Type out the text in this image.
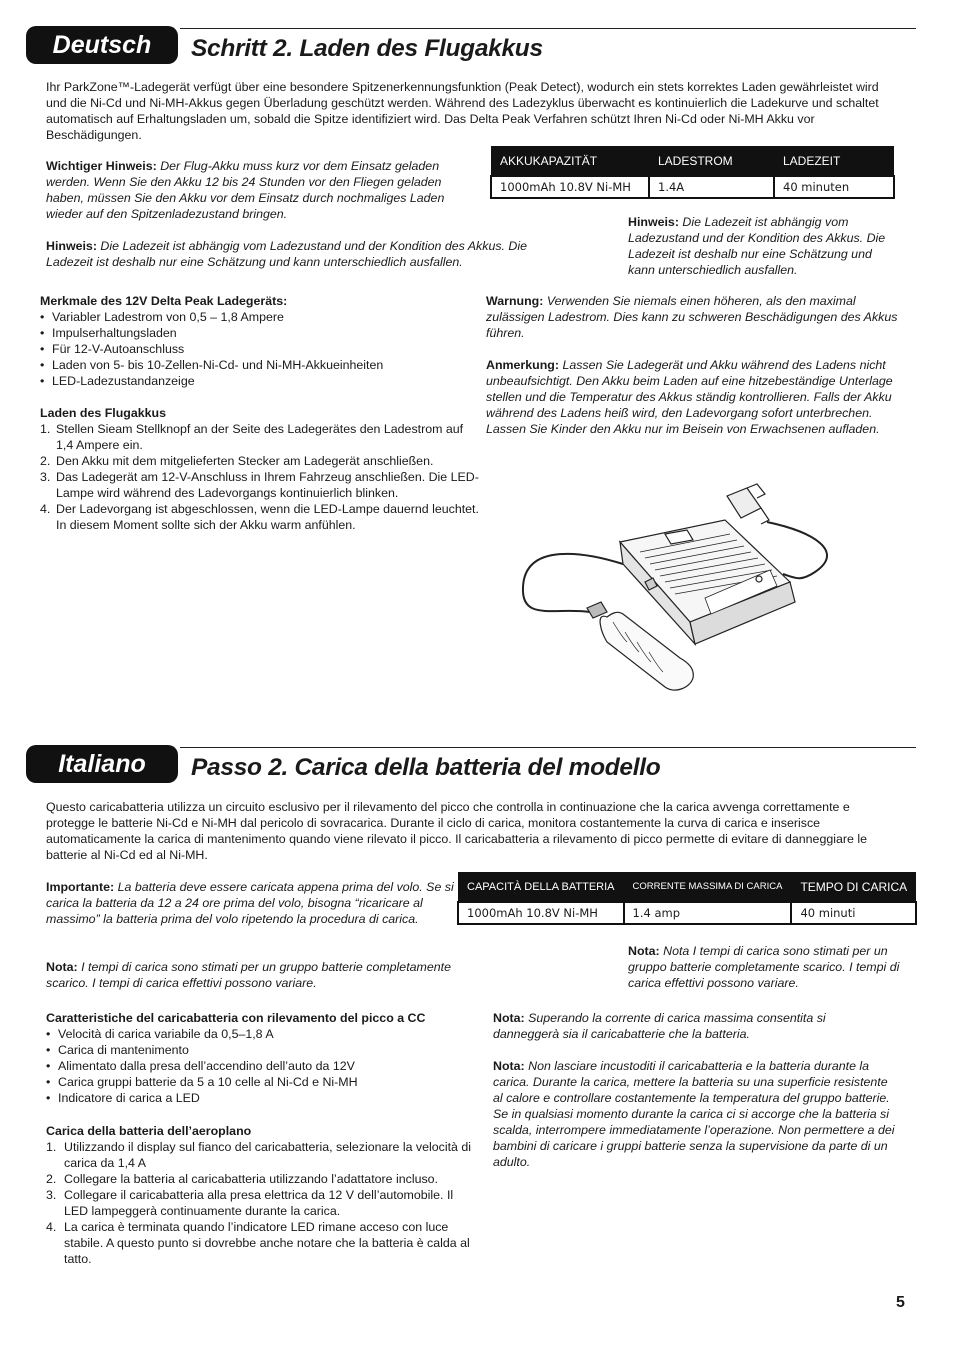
Deutsch	Schritt 2. Laden des Flugakkus

Ihr ParkZone™-Ladegerät verfügt über eine besondere Spitzenerkennungsfunktion (Peak Detect), wodurch ein stets korrektes Laden gewährleistet wird und die Ni-Cd und Ni-MH-Akkus gegen Überladung geschützt werden. Während des Ladezyklus überwacht es kontinuierlich die Ladekurve und schaltet automatisch auf Erhaltungsladen um, sobald die Spitze identifiziert wird. Das Delta Peak Verfahren schützt Ihren Ni-Cd oder Ni-MH Akku vor Beschädigungen.

Wichtiger Hinweis: Der Flug-Akku muss kurz vor dem Einsatz geladen werden. Wenn Sie den Akku 12 bis 24 Stunden vor den Fliegen geladen haben, müssen Sie den Akku vor dem Einsatz durch nochmaliges Laden wieder auf den Spitzenladezustand bringen.

Hinweis: Die Ladezeit ist abhängig vom Ladezustand und der Kondition des Akkus. Die Ladezeit ist deshalb nur eine Schätzung und kann unterschiedlich ausfallen.

AKKUKAPAZITÄT	LADESTROM	LADEZEIT
1000mAh 10.8V Ni-MH	1.4A	40 minuten

Hinweis: Die Ladezeit ist abhängig vom Ladezustand und der Kondition des Akkus. Die Ladezeit ist deshalb nur eine Schätzung und kann unterschiedlich ausfallen.

Merkmale des 12V Delta Peak Ladegeräts:

• Variabler Ladestrom von 0,5 – 1,8 Ampere
• Impulserhaltungsladen
• Für 12-V-Autoanschluss
• Laden von 5- bis 10-Zellen-Ni-Cd- und Ni-MH-Akkueinheiten
• LED-Ladezustandanzeige

Laden des Flugakkus

1. Stellen Sieam Stellknopf an der Seite des Ladegerätes den Ladestrom auf 1,4 Ampere ein.
2. Den Akku mit dem mitgelieferten Stecker am Ladegerät anschließen.
3. Das Ladegerät am 12-V-Anschluss in Ihrem Fahrzeug anschließen. Die LED-Lampe wird während des Ladevorgangs kontinuierlich blinken.
4. Der Ladevorgang ist abgeschlossen, wenn die LED-Lampe dauernd leuchtet. In diesem Moment sollte sich der Akku warm anfühlen.

Warnung: Verwenden Sie niemals einen höheren, als den maximal zulässigen Ladestrom. Dies kann zu schweren Beschädigungen des Akkus führen.

Anmerkung: Lassen Sie Ladegerät und Akku während des Ladens nicht unbeaufsichtigt. Den Akku beim Laden auf eine hitzebeständige Unterlage stellen und die Temperatur des Akkus ständig kontrollieren. Falls der Akku während des Ladens heiß wird, den Ladevorgang sofort unterbrechen. Lassen Sie Kinder den Akku nur im Beisein von Erwachsenen aufladen.

Italiano	Passo 2. Carica della batteria del modello

Questo caricabatteria utilizza un circuito esclusivo per il rilevamento del picco che controlla in continuazione che la carica avvenga correttamente e protegge le batterie Ni-Cd e Ni-MH dal pericolo di sovracarica. Durante il ciclo di carica, monitora costantemente la curva di carica e inserisce automaticamente la carica di mantenimento quando viene rilevato il picco. Il caricabatteria a rilevamento di picco permette di evitare di danneggiare le batterie al Ni-Cd ed al Ni-MH.

Importante: La batteria deve essere caricata appena prima del volo. Se si carica la batteria da 12 a 24 ore prima del volo, bisogna “ricaricare al massimo” la batteria prima del volo ripetendo la procedura di carica.

Nota: I tempi di carica sono stimati per un gruppo batterie completamente scarico. I tempi di carica effettivi possono variare.

CAPACITÀ DELLA BATTERIA	CORRENTE MASSIMA DI CARICA	TEMPO DI CARICA
1000mAh 10.8V Ni-MH	1.4 amp	40 minuti

Nota: Nota I tempi di carica sono stimati per un gruppo batterie completamente scarico. I tempi di carica effettivi possono variare.

Caratteristiche del caricabatteria con rilevamento del picco a CC

• Velocità di carica variabile da 0,5–1,8 A
• Carica di mantenimento
• Alimentato dalla presa dell’accendino dell’auto da 12V
• Carica gruppi batterie da 5 a 10 celle al Ni-Cd e Ni-MH
• Indicatore di carica a LED

Carica della batteria dell’aeroplano

1. Utilizzando il display sul fianco del caricabatteria, selezionare la velocità di carica da 1,4 A
2. Collegare la batteria al caricabatteria utilizzando l’adattatore incluso.
3. Collegare il caricabatteria alla presa elettrica da 12 V dell’automobile. Il LED lampeggerà continuamente durante la carica.
4. La carica è terminata quando l’indicatore LED rimane acceso con luce stabile. A questo punto si dovrebbe anche notare che la batteria è calda al tatto.

Nota: Superando la corrente di carica massima consentita si danneggerà sia il caricabatterie che la batteria.

Nota: Non lasciare incustoditi il caricabatteria e la batteria durante la carica. Durante la carica, mettere la batteria su una superficie resistente al calore e controllare costantemente la temperatura del gruppo batterie. Se in qualsiasi momento durante la carica ci si accorge che la batteria si scalda, interrompere immediatamente l’operazione. Non permettere a dei bambini di caricare i gruppi batterie senza la supervisione da parte di un adulto.

5
